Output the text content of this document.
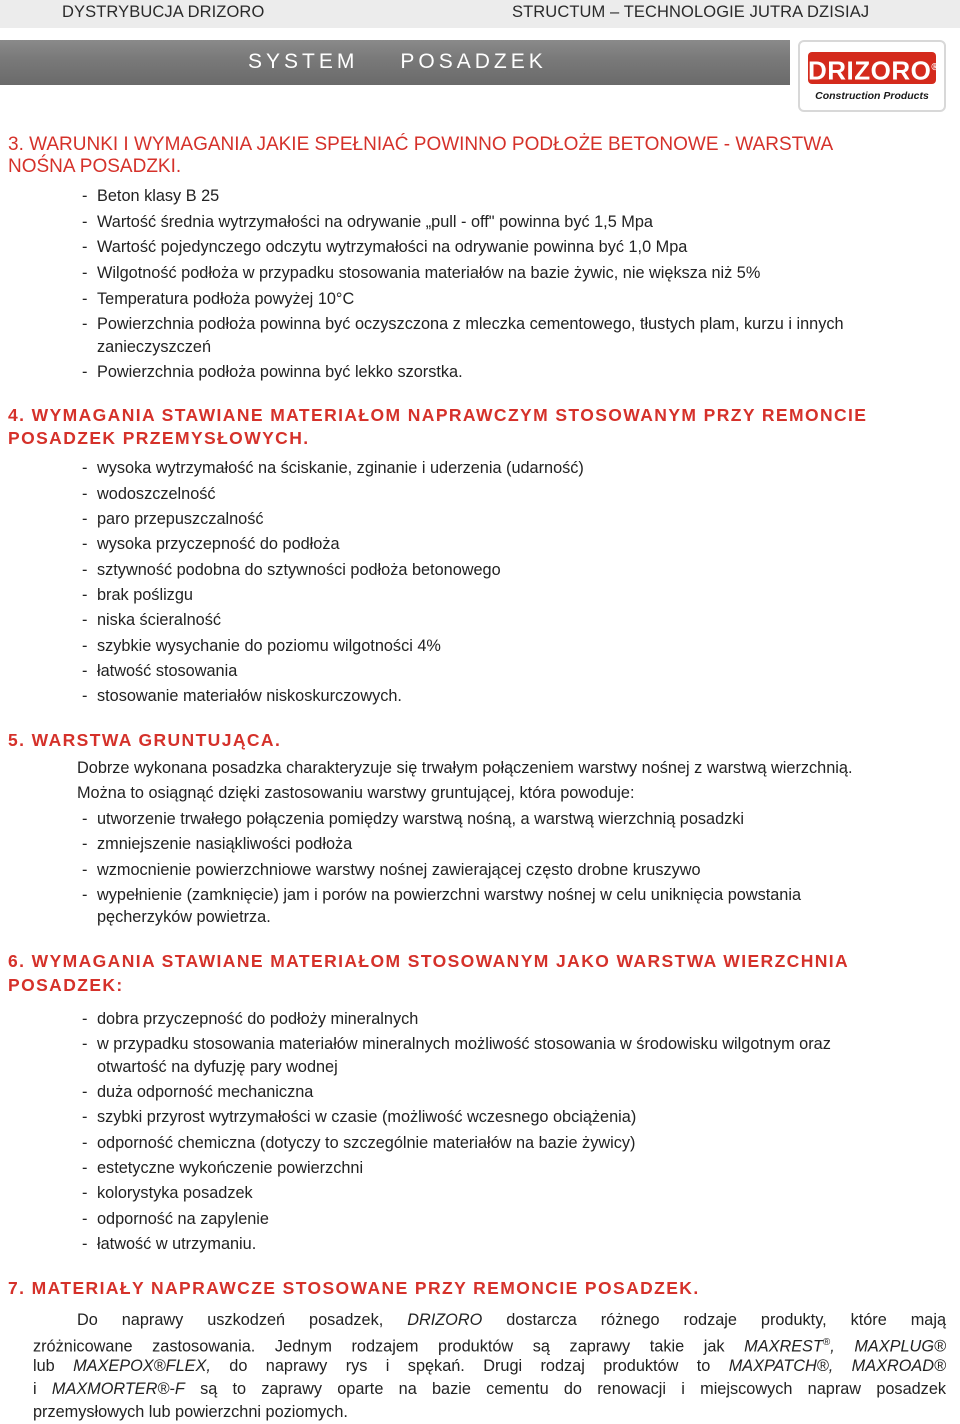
DYSTRYBUCJA DRIZORO	STRUCTUM – TECHNOLOGIE JUTRA DZISIAJ
SYSTEM POSADZEK	DRIZORO®
Construction Products
3. WARUNKI I WYMAGANIA JAKIE SPEŁNIAĆ POWINNO PODŁOŻE BETONOWE - WARSTWA
NOŚNA POSADZKI.
- Beton klasy B 25
- Wartość średnia wytrzymałości na odrywanie „pull - off" powinna być 1,5 Mpa
- Wartość pojedynczego odczytu wytrzymałości na odrywanie powinna być 1,0 Mpa
- Wilgotność podłoża w przypadku stosowania materiałów na bazie żywic, nie większa niż 5%
- Temperatura podłoża powyżej 10°C
- Powierzchnia podłoża powinna być oczyszczona z mleczka cementowego, tłustych plam, kurzu i innych
zanieczyszczeń
- Powierzchnia podłoża powinna być lekko szorstka.
4. WYMAGANIA STAWIANE MATERIAŁOM NAPRAWCZYM STOSOWANYM PRZY REMONCIE
POSADZEK PRZEMYSŁOWYCH.
- wysoka wytrzymałość na ściskanie, zginanie i uderzenia (udarność)
- wodoszczelność
- paro przepuszczalność
- wysoka przyczepność do podłoża
- sztywność podobna do sztywności podłoża betonowego
- brak poślizgu
- niska ścieralność
- szybkie wysychanie do poziomu wilgotności 4%
- łatwość stosowania
- stosowanie materiałów niskoskurczowych.
5. WARSTWA GRUNTUJĄCA.
Dobrze wykonana posadzka charakteryzuje się trwałym połączeniem warstwy nośnej z warstwą wierzchnią.
Można to osiągnąć dzięki zastosowaniu warstwy gruntującej, która powoduje:
- utworzenie trwałego połączenia pomiędzy warstwą nośną, a warstwą wierzchnią posadzki
- zmniejszenie nasiąkliwości podłoża
- wzmocnienie powierzchniowe warstwy nośnej zawierającej często drobne kruszywo
- wypełnienie (zamknięcie) jam i porów na powierzchni warstwy nośnej w celu uniknięcia powstania
pęcherzyków powietrza.
6. WYMAGANIA STAWIANE MATERIAŁOM STOSOWANYM JAKO WARSTWA WIERZCHNIA
POSADZEK:
- dobra przyczepność do podłoży mineralnych
- w przypadku stosowania materiałów mineralnych możliwość stosowania w środowisku wilgotnym oraz
otwartość na dyfuzję pary wodnej
- duża odporność mechaniczna
- szybki przyrost wytrzymałości w czasie (możliwość wczesnego obciążenia)
- odporność chemiczna (dotyczy to szczególnie materiałów na bazie żywicy)
- estetyczne wykończenie powierzchni
- kolorystyka posadzek
- odporność na zapylenie
- łatwość w utrzymaniu.
7. MATERIAŁY NAPRAWCZE STOSOWANE PRZY REMONCIE POSADZEK.
Do naprawy uszkodzeń posadzek, DRIZORO dostarcza różnego rodzaje produkty, które mają
zróżnicowane zastosowania. Jednym rodzajem produktów są zaprawy takie jak MAXREST®, MAXPLUG®
lub MAXEPOX®FLEX, do naprawy rys i spękań. Drugi rodzaj produktów to MAXPATCH®, MAXROAD®
i MAXMORTER®-F są to zaprawy oparte na bazie cementu do renowacji i miejscowych napraw posadzek
przemysłowych lub powierzchni poziomych.
